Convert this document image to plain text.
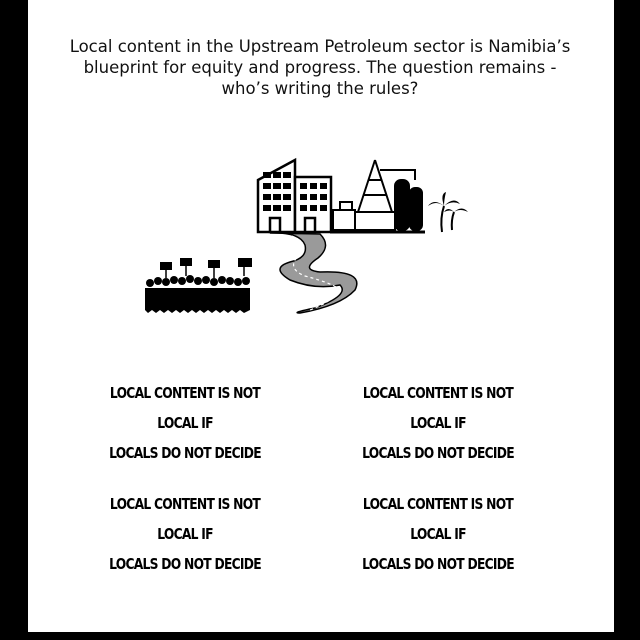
Local content in the Upstream Petroleum sector is Namibia’s blueprint for equity and progress. The question remains - who’s writing the rules?
LOCAL CONTENT IS NOT LOCAL IF
LOCALS DO NOT DECIDE
LOCAL CONTENT IS NOT LOCAL IF
LOCALS DO NOT DECIDE
LOCAL CONTENT IS NOT LOCAL IF
LOCALS DO NOT DECIDE
LOCAL CONTENT IS NOT LOCAL IF
LOCALS DO NOT DECIDE
